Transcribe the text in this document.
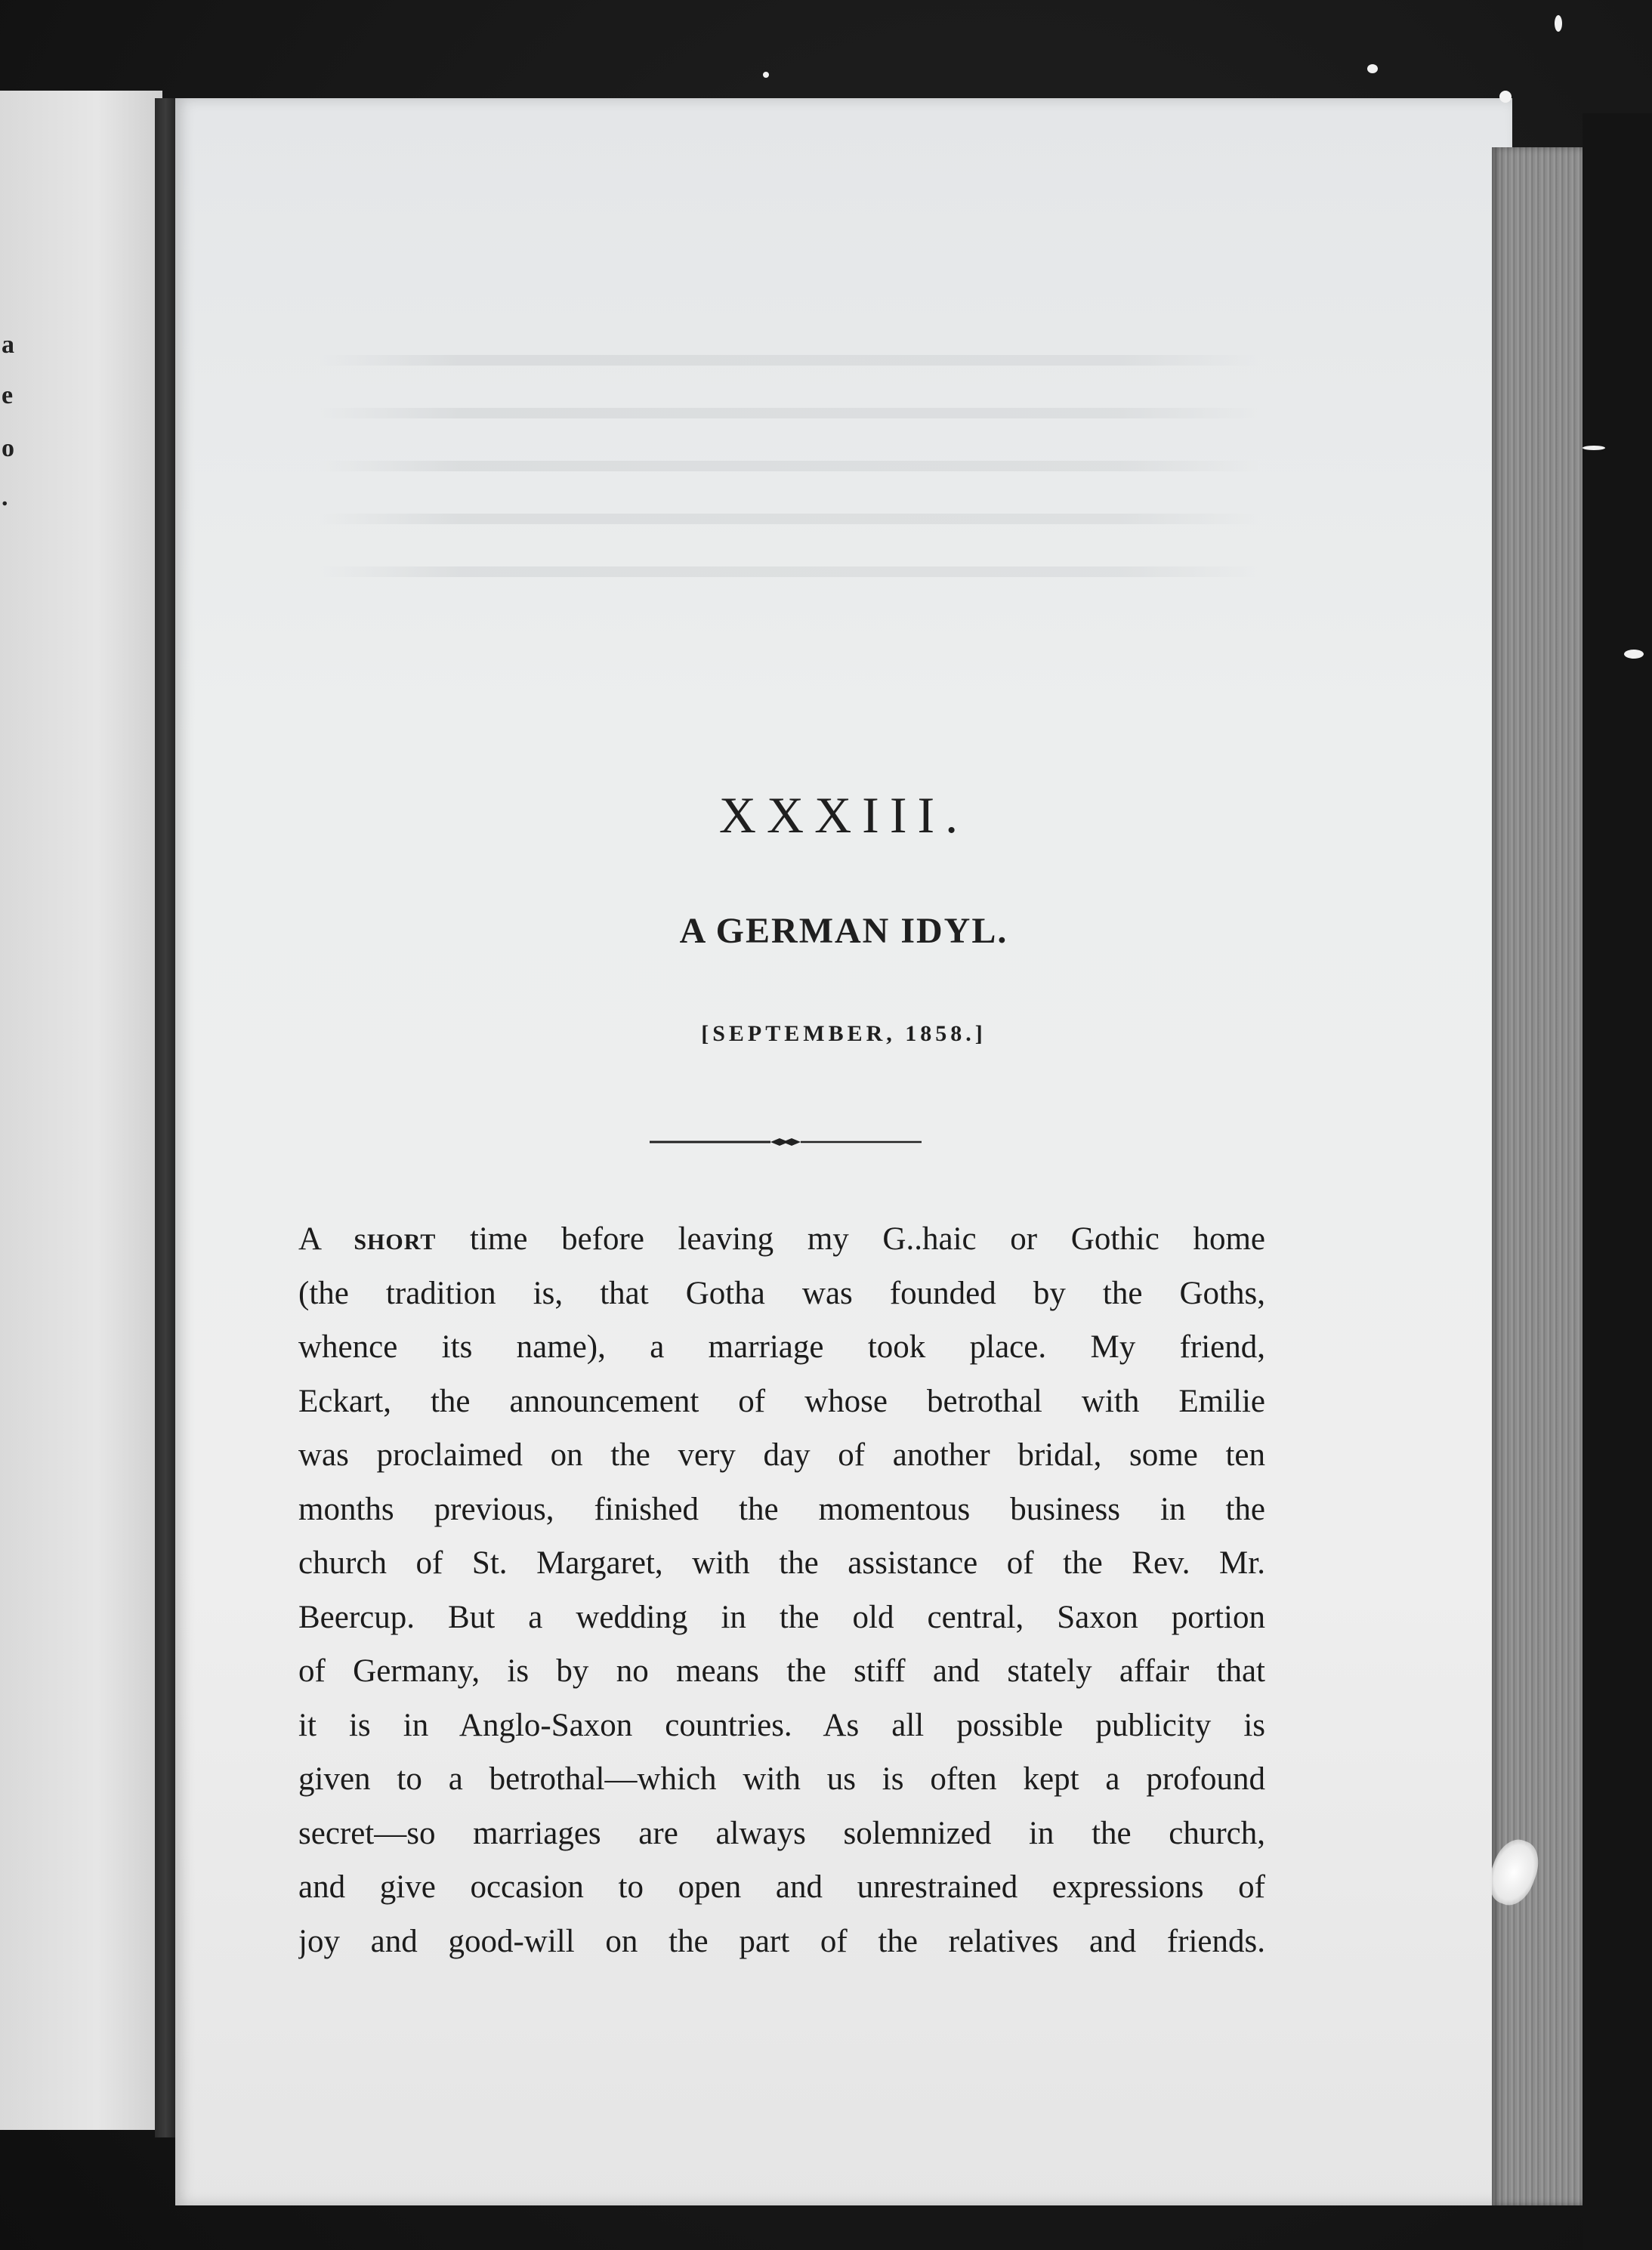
a
e
o
.
XXXIII.
A GERMAN IDYL.
[SEPTEMBER, 1858.]
A short time before leaving my G..haic or Gothic home
(the tradition is, that Gotha was founded by the Goths,
whence its name), a marriage took place. My friend,
Eckart, the announcement of whose betrothal with Emilie
was proclaimed on the very day of another bridal, some ten
months previous, finished the momentous business in the
church of St. Margaret, with the assistance of the Rev. Mr.
Beercup. But a wedding in the old central, Saxon portion
of Germany, is by no means the stiff and stately affair that
it is in Anglo-Saxon countries. As all possible publicity is
given to a betrothal—which with us is often kept a profound
secret—so marriages are always solemnized in the church,
and give occasion to open and unrestrained expressions of
joy and good-will on the part of the relatives and friends.
